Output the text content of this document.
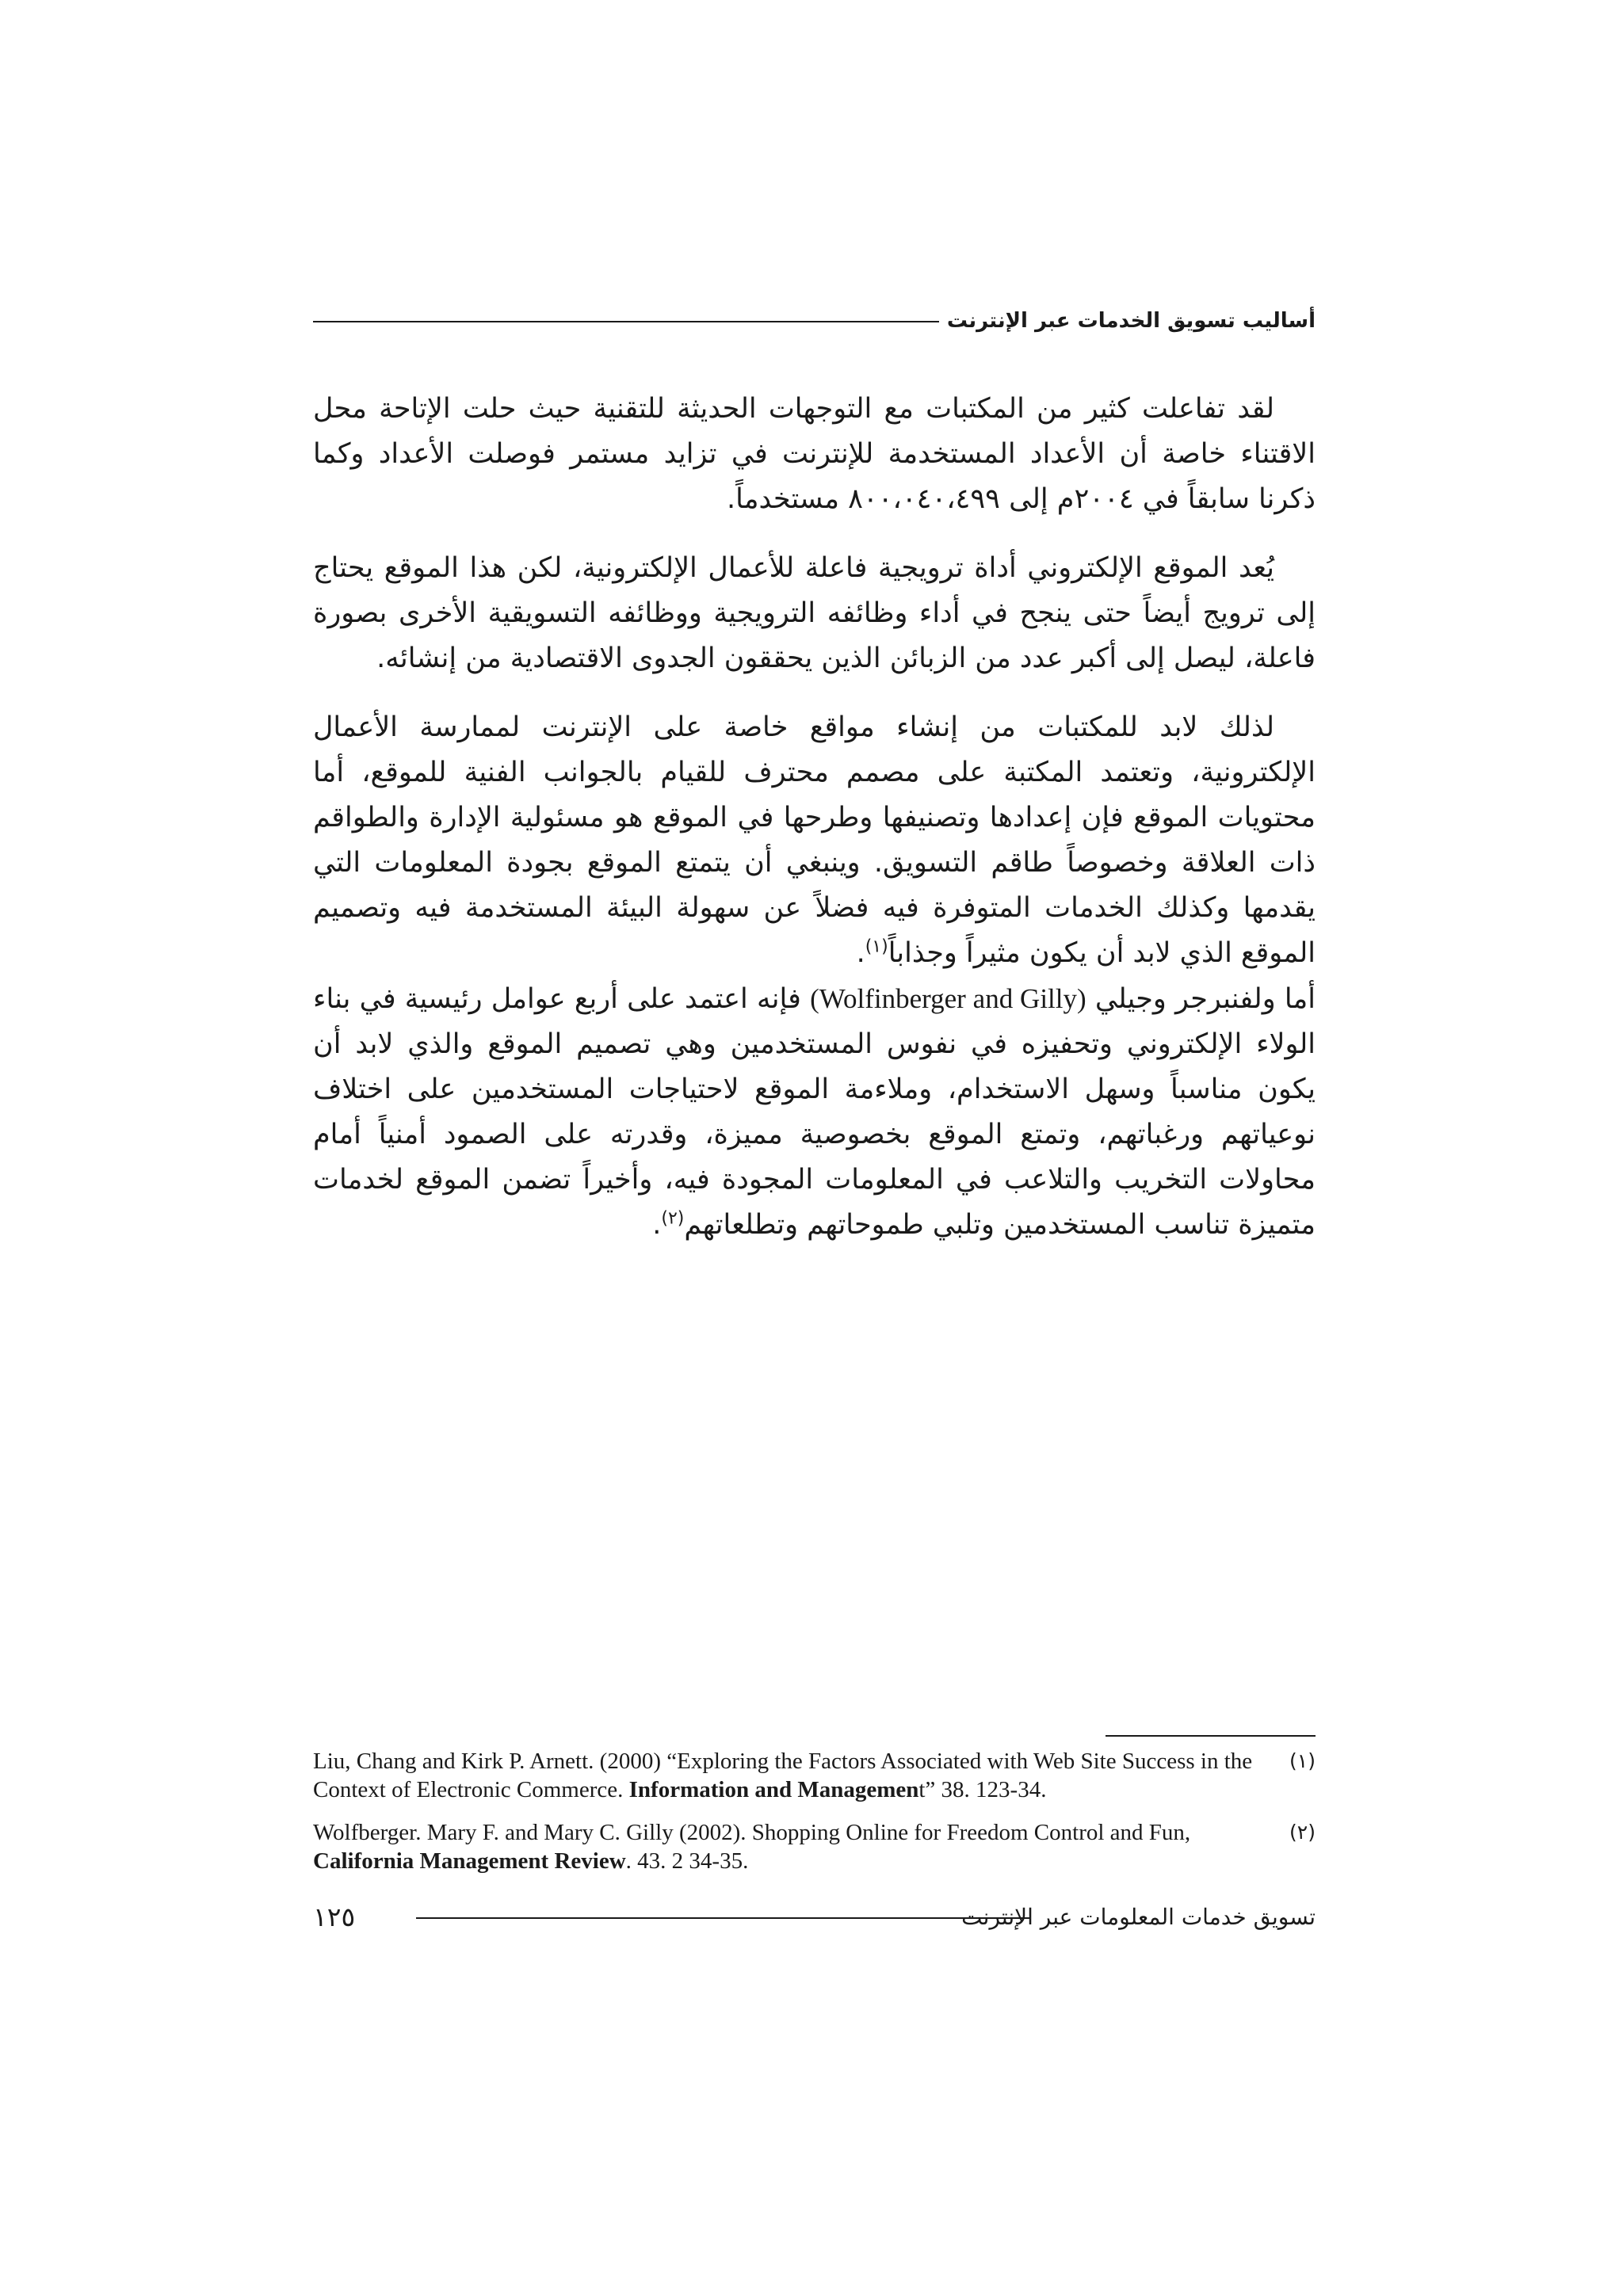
أساليب تسويق الخدمات عبر الإنترنت

لقد تفاعلت كثير من المكتبات مع التوجهات الحديثة للتقنية حيث حلت الإتاحة محل الاقتناء خاصة أن الأعداد المستخدمة للإنترنت في تزايد مستمر فوصلت الأعداد وكما ذكرنا سابقاً في ٢٠٠٤م إلى ٨٠٠،٠٤٠،٤٩٩ مستخدماً.

يُعد الموقع الإلكتروني أداة ترويجية فاعلة للأعمال الإلكترونية، لكن هذا الموقع يحتاج إلى ترويج أيضاً حتى ينجح في أداء وظائفه الترويجية ووظائفه التسويقية الأخرى بصورة فاعلة، ليصل إلى أكبر عدد من الزبائن الذين يحققون الجدوى الاقتصادية من إنشائه.

لذلك لابد للمكتبات من إنشاء مواقع خاصة على الإنترنت لممارسة الأعمال الإلكترونية، وتعتمد المكتبة على مصمم محترف للقيام بالجوانب الفنية للموقع، أما محتويات الموقع فإن إعدادها وتصنيفها وطرحها في الموقع هو مسئولية الإدارة والطواقم ذات العلاقة وخصوصاً طاقم التسويق. وينبغي أن يتمتع الموقع بجودة المعلومات التي يقدمها وكذلك الخدمات المتوفرة فيه فضلاً عن سهولة البيئة المستخدمة فيه وتصميم الموقع الذي لابد أن يكون مثيراً وجذاباً$^{(١)}$.

أما ولفنبرجر وجيلي (Wolfinberger and Gilly) فإنه اعتمد على أربع عوامل رئيسية في بناء الولاء الإلكتروني وتحفيزه في نفوس المستخدمين وهي تصميم الموقع والذي لابد أن يكون مناسباً وسهل الاستخدام، وملاءمة الموقع لاحتياجات المستخدمين على اختلاف نوعياتهم ورغباتهم، وتمتع الموقع بخصوصية مميزة، وقدرته على الصمود أمنياً أمام محاولات التخريب والتلاعب في المعلومات المجودة فيه، وأخيراً تضمن الموقع لخدمات متميزة تناسب المستخدمين وتلبي طموحاتهم وتطلعاتهم$^{(٢)}$.

(١)
Liu, Chang and Kirk P. Arnett. (2000) “Exploring the Factors Associated with Web Site Success in the Context of Electronic Commerce. Information and Management” 38. 123-34.
(٢)
Wolfberger. Mary F. and Mary C. Gilly (2002). Shopping Online for Freedom Control and Fun, California Management Review. 43. 2 34-35.
١٢٥	تسويق خدمات المعلومات عبر الإنترنت
